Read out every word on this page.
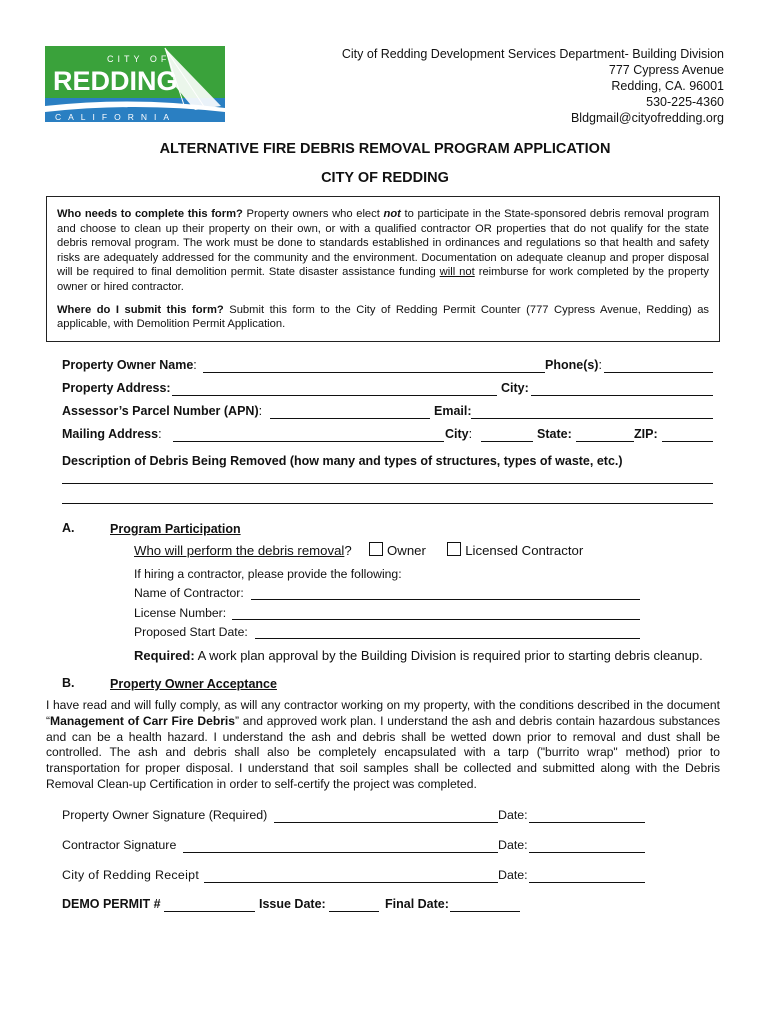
CITY OF
REDDING
CALIFORNIA
City of Redding Development Services Department- Building Division
777 Cypress Avenue
Redding, CA. 96001
530-225-4360
Bldgmail@cityofredding.org
ALTERNATIVE FIRE DEBRIS REMOVAL PROGRAM APPLICATION
CITY OF REDDING

Who needs to complete this form? Property owners who elect not to participate in the State-sponsored debris removal program and choose to clean up their property on their own, or with a qualified contractor OR properties that do not qualify for the state debris removal program. The work must be done to standards established in ordinances and regulations so that health and safety risks are adequately addressed for the community and the environment. Documentation on adequate cleanup and proper disposal will be required to final demolition permit. State disaster assistance funding will not reimburse for work completed by the property owner or hired contractor.

Where do I submit this form? Submit this form to the City of Redding Permit Counter (777 Cypress Avenue, Redding) as applicable, with Demolition Permit Application.

Property Owner Name:	Phone(s):
Property Address:	City:
Assessor’s Parcel Number (APN):	Email:
Mailing Address:	City:	State:	ZIP:
Description of Debris Being Removed (how many and types of structures, types of waste, etc.)
A.	Program Participation
Who will perform the debris removal?	Owner	Licensed Contractor
If hiring a contractor, please provide the following:
Name of Contractor:
License Number:
Proposed Start Date:
Required: A work plan approval by the Building Division is required prior to starting debris cleanup.
B.	Property Owner Acceptance
I have read and will fully comply, as will any contractor working on my property, with the conditions described in the document “Management of Carr Fire Debris” and approved work plan. I understand the ash and debris contain hazardous substances and can be a health hazard. I understand the ash and debris shall be wetted down prior to removal and dust shall be controlled. The ash and debris shall also be completely encapsulated with a tarp ("burrito wrap" method) prior to transportation for proper disposal. I understand that soil samples shall be collected and submitted along with the Debris Removal Clean-up Certification in order to self-certify the project was completed.
Property Owner Signature (Required)	Date:
Contractor Signature	Date:
City of Redding Receipt	Date:
DEMO PERMIT #	Issue Date:	Final Date:
